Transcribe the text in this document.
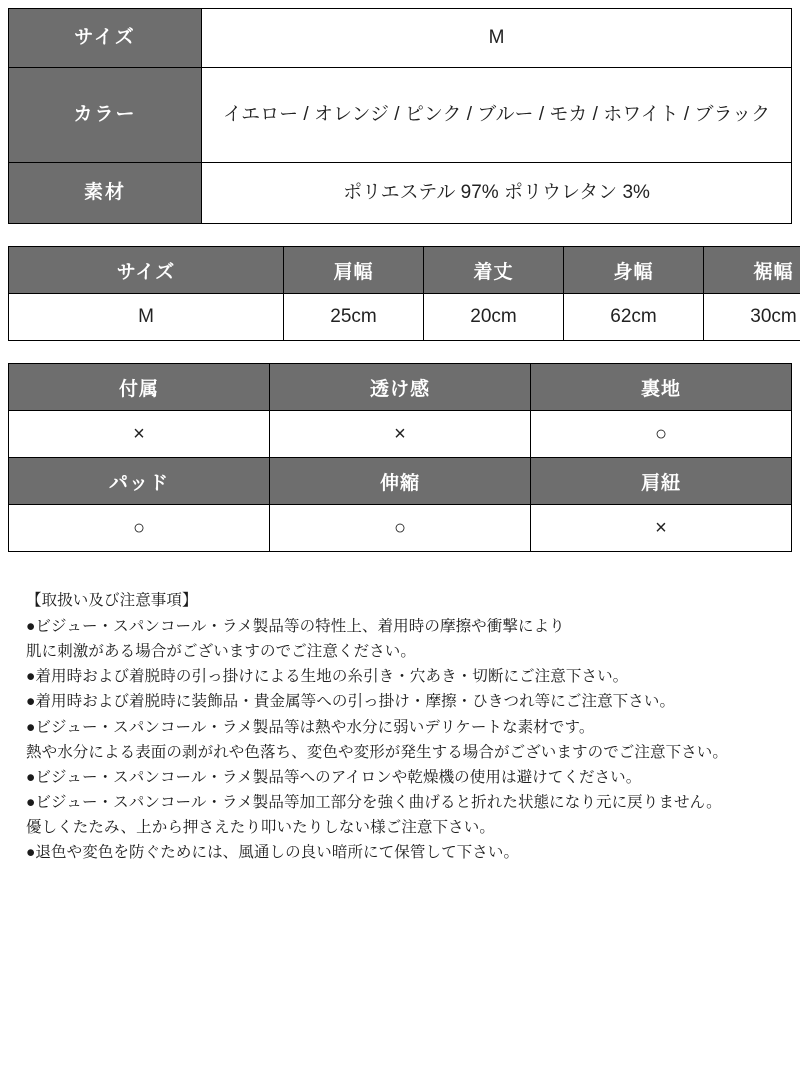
サイズ	M
カラー	イエロー / オレンジ / ピンク / ブルー / モカ / ホワイト / ブラック
素材	ポリエステル 97% ポリウレタン 3%
サイズ	肩幅	着丈	身幅	裾幅
M	25cm	20cm	62cm	30cm
付属	透け感	裏地
×	×	○
パッド	伸縮	肩紐
○	○	×
【取扱い及び注意事項】
●ビジュー・スパンコール・ラメ製品等の特性上、着用時の摩擦や衝撃により
肌に刺激がある場合がございますのでご注意ください。
●着用時および着脱時の引っ掛けによる生地の糸引き・穴あき・切断にご注意下さい。
●着用時および着脱時に装飾品・貴金属等への引っ掛け・摩擦・ひきつれ等にご注意下さい。
●ビジュー・スパンコール・ラメ製品等は熱や水分に弱いデリケートな素材です。
熱や水分による表面の剥がれや色落ち、変色や変形が発生する場合がございますのでご注意下さい。
●ビジュー・スパンコール・ラメ製品等へのアイロンや乾燥機の使用は避けてください。
●ビジュー・スパンコール・ラメ製品等加工部分を強く曲げると折れた状態になり元に戻りません。
優しくたたみ、上から押さえたり叩いたりしない様ご注意下さい。
●退色や変色を防ぐためには、風通しの良い暗所にて保管して下さい。
